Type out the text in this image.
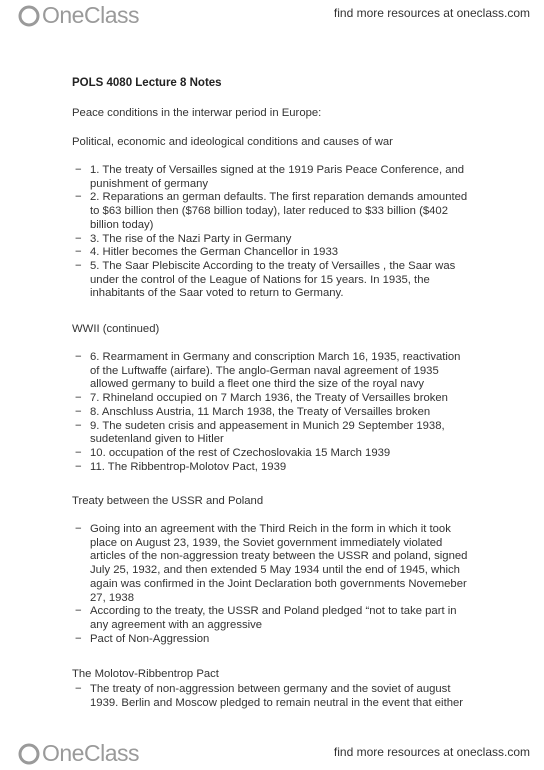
OneClass	find more resources at oneclass.com
POLS 4080 Lecture 8 Notes
Peace conditions in the interwar period in Europe:
Political, economic and ideological conditions and causes of war
− 1. The treaty of Versailles signed at the 1919 Paris Peace Conference, and punishment of germany
− 2. Reparations an german defaults. The first reparation demands amounted to $63 billion then ($768 billion today), later reduced to $33 billion ($402 billion today)
− 3. The rise of the Nazi Party in Germany
− 4. Hitler becomes the German Chancellor in 1933
− 5. The Saar Plebiscite According to the treaty of Versailles , the Saar was under the control of the League of Nations for 15 years. In 1935, the inhabitants of the Saar voted to return to Germany.
WWII (continued)
− 6. Rearmament in Germany and conscription March 16, 1935, reactivation of the Luftwaffe (airfare). The anglo-German naval agreement of 1935 allowed germany to build a fleet one third the size of the royal navy
− 7. Rhineland occupied on 7 March 1936, the Treaty of Versailles broken
− 8. Anschluss Austria, 11 March 1938, the Treaty of Versailles broken
− 9. The sudeten crisis and appeasement in Munich 29 September 1938, sudetenland given to Hitler
− 10. occupation of the rest of Czechoslovakia 15 March 1939
− 11. The Ribbentrop-Molotov Pact, 1939
Treaty between the USSR and Poland
− Going into an agreement with the Third Reich in the form in which it took place on August 23, 1939, the Soviet government immediately violated articles of the non-aggression treaty between the USSR and poland, signed July 25, 1932, and then extended 5 May 1934 until the end of 1945, which again was confirmed in the Joint Declaration both governments Novemeber 27, 1938
− According to the treaty, the USSR and Poland pledged “not to take part in any agreement with an aggressive
− Pact of Non-Aggression
The Molotov-Ribbentrop Pact
− The treaty of non-aggression between germany and the soviet of august 1939. Berlin and Moscow pledged to remain neutral in the event that either
OneClass	find more resources at oneclass.com
